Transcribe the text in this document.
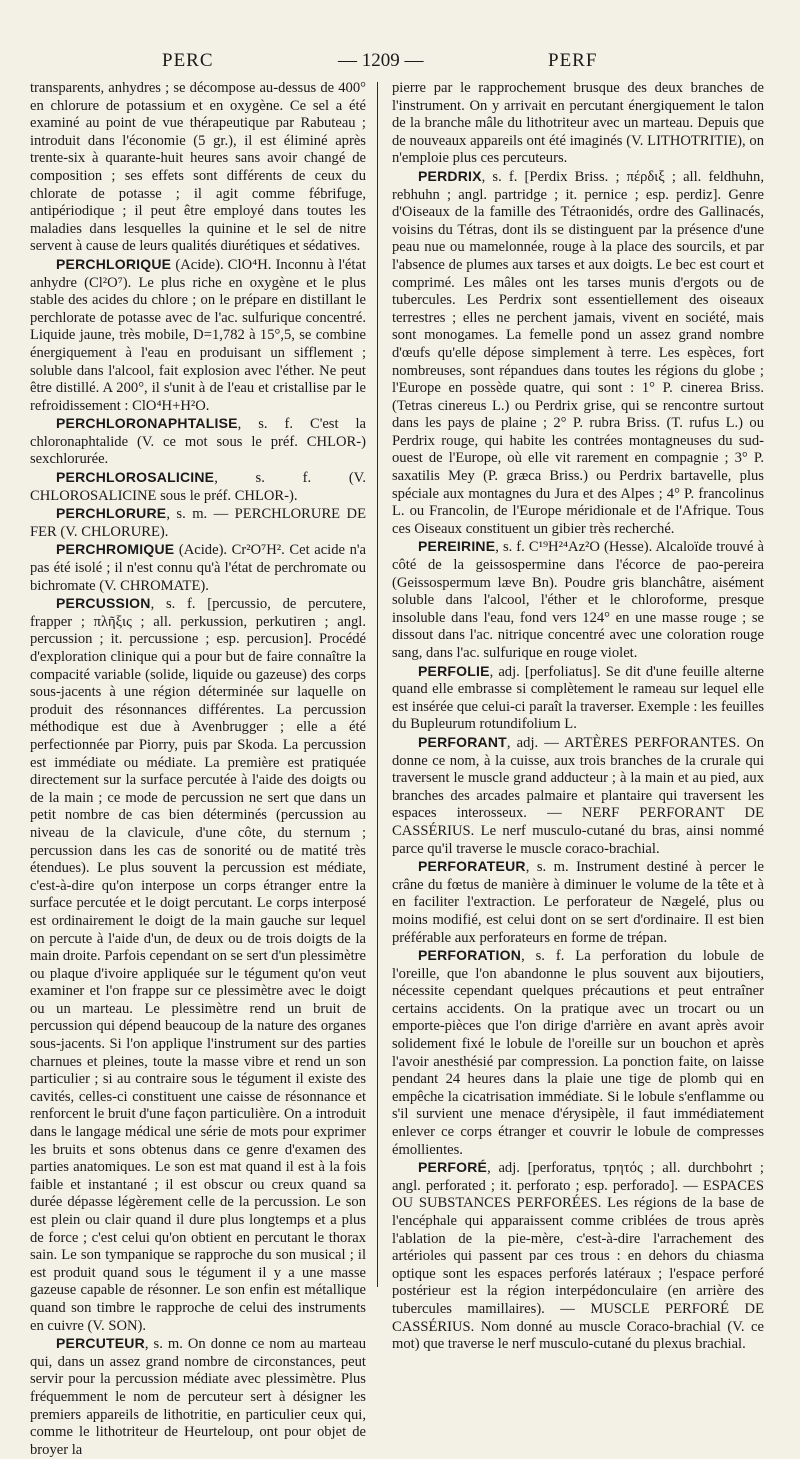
PERC	— 1209 —	PERF

transparents, anhydres ; se décompose au-dessus de 400° en chlorure de potassium et en oxygène. Ce sel a été examiné au point de vue thérapeutique par Rabuteau ; introduit dans l'économie (5 gr.), il est éliminé après trente-six à quarante-huit heures sans avoir changé de composition ; ses effets sont différents de ceux du chlorate de potasse ; il agit comme fébrifuge, antipériodique ; il peut être employé dans toutes les maladies dans lesquelles la quinine et le sel de nitre servent à cause de leurs qualités diurétiques et sédatives.

PERCHLORIQUE (Acide). ClO⁴H. Inconnu à l'état anhydre (Cl²O⁷). Le plus riche en oxygène et le plus stable des acides du chlore ; on le prépare en distillant le perchlorate de potasse avec de l'ac. sulfurique concentré. Liquide jaune, très mobile, D=1,782 à 15°,5, se combine énergiquement à l'eau en produisant un sifflement ; soluble dans l'alcool, fait explosion avec l'éther. Ne peut être distillé. A 200°, il s'unit à de l'eau et cristallise par le refroidissement : ClO⁴H+H²O.

PERCHLORONAPHTALISE, s. f. C'est la chloronaphtalide (V. ce mot sous le préf. CHLOR-) sexchlorurée.

PERCHLOROSALICINE, s. f. (V. CHLOROSALICINE sous le préf. CHLOR-).

PERCHLORURE, s. m. — PERCHLORURE DE FER (V. CHLORURE).

PERCHROMIQUE (Acide). Cr²O⁷H². Cet acide n'a pas été isolé ; il n'est connu qu'à l'état de perchromate ou bichromate (V. CHROMATE).

PERCUSSION, s. f. [percussio, de percutere, frapper ; πλῆξις ; all. perkussion, perkutiren ; angl. percussion ; it. percussione ; esp. percusion]. Procédé d'exploration clinique qui a pour but de faire connaître la compacité variable (solide, liquide ou gazeuse) des corps sous-jacents à une région déterminée sur laquelle on produit des résonnances différentes. La percussion méthodique est due à Avenbrugger ; elle a été perfectionnée par Piorry, puis par Skoda. La percussion est immédiate ou médiate. La première est pratiquée directement sur la surface percutée à l'aide des doigts ou de la main ; ce mode de percussion ne sert que dans un petit nombre de cas bien déterminés (percussion au niveau de la clavicule, d'une côte, du sternum ; percussion dans les cas de sonorité ou de matité très étendues). Le plus souvent la percussion est médiate, c'est-à-dire qu'on interpose un corps étranger entre la surface percutée et le doigt percutant. Le corps interposé est ordinairement le doigt de la main gauche sur lequel on percute à l'aide d'un, de deux ou de trois doigts de la main droite. Parfois cependant on se sert d'un plessimètre ou plaque d'ivoire appliquée sur le tégument qu'on veut examiner et l'on frappe sur ce plessimètre avec le doigt ou un marteau. Le plessimètre rend un bruit de percussion qui dépend beaucoup de la nature des organes sous-jacents. Si l'on applique l'instrument sur des parties charnues et pleines, toute la masse vibre et rend un son particulier ; si au contraire sous le tégument il existe des cavités, celles-ci constituent une caisse de résonnance et renforcent le bruit d'une façon particulière. On a introduit dans le langage médical une série de mots pour exprimer les bruits et sons obtenus dans ce genre d'examen des parties anatomiques. Le son est mat quand il est à la fois faible et instantané ; il est obscur ou creux quand sa durée dépasse légèrement celle de la percussion. Le son est plein ou clair quand il dure plus longtemps et a plus de force ; c'est celui qu'on obtient en percutant le thorax sain. Le son tympanique se rapproche du son musical ; il est produit quand sous le tégument il y a une masse gazeuse capable de résonner. Le son enfin est métallique quand son timbre le rapproche de celui des instruments en cuivre (V. SON).

PERCUTEUR, s. m. On donne ce nom au marteau qui, dans un assez grand nombre de circonstances, peut servir pour la percussion médiate avec plessimètre. Plus fréquemment le nom de percuteur sert à désigner les premiers appareils de lithotritie, en particulier ceux qui, comme le lithotriteur de Heurteloup, ont pour objet de broyer la

pierre par le rapprochement brusque des deux branches de l'instrument. On y arrivait en percutant énergiquement le talon de la branche mâle du lithotriteur avec un marteau. Depuis que de nouveaux appareils ont été imaginés (V. LITHOTRITIE), on n'emploie plus ces percuteurs.

PERDRIX, s. f. [Perdix Briss. ; πέρδιξ ; all. feldhuhn, rebhuhn ; angl. partridge ; it. pernice ; esp. perdiz]. Genre d'Oiseaux de la famille des Tétraonidés, ordre des Gallinacés, voisins du Tétras, dont ils se distinguent par la présence d'une peau nue ou mamelonnée, rouge à la place des sourcils, et par l'absence de plumes aux tarses et aux doigts. Le bec est court et comprimé. Les mâles ont les tarses munis d'ergots ou de tubercules. Les Perdrix sont essentiellement des oiseaux terrestres ; elles ne perchent jamais, vivent en société, mais sont monogames. La femelle pond un assez grand nombre d'œufs qu'elle dépose simplement à terre. Les espèces, fort nombreuses, sont répandues dans toutes les régions du globe ; l'Europe en possède quatre, qui sont : 1° P. cinerea Briss. (Tetras cinereus L.) ou Perdrix grise, qui se rencontre surtout dans les pays de plaine ; 2° P. rubra Briss. (T. rufus L.) ou Perdrix rouge, qui habite les contrées montagneuses du sud-ouest de l'Europe, où elle vit rarement en compagnie ; 3° P. saxatilis Mey (P. græca Briss.) ou Perdrix bartavelle, plus spéciale aux montagnes du Jura et des Alpes ; 4° P. francolinus L. ou Francolin, de l'Europe méridionale et de l'Afrique. Tous ces Oiseaux constituent un gibier très recherché.

PEREIRINE, s. f. C¹⁹H²⁴Az²O (Hesse). Alcaloïde trouvé à côté de la geissospermine dans l'écorce de pao-pereira (Geissospermum læve Bn). Poudre gris blanchâtre, aisément soluble dans l'alcool, l'éther et le chloroforme, presque insoluble dans l'eau, fond vers 124° en une masse rouge ; se dissout dans l'ac. nitrique concentré avec une coloration rouge sang, dans l'ac. sulfurique en rouge violet.

PERFOLIE, adj. [perfoliatus]. Se dit d'une feuille alterne quand elle embrasse si complètement le rameau sur lequel elle est insérée que celui-ci paraît la traverser. Exemple : les feuilles du Bupleurum rotundifolium L.

PERFORANT, adj. — ARTÈRES PERFORANTES. On donne ce nom, à la cuisse, aux trois branches de la crurale qui traversent le muscle grand adducteur ; à la main et au pied, aux branches des arcades palmaire et plantaire qui traversent les espaces interosseux. — NERF PERFORANT DE CASSÉRIUS. Le nerf musculo-cutané du bras, ainsi nommé parce qu'il traverse le muscle coraco-brachial.

PERFORATEUR, s. m. Instrument destiné à percer le crâne du fœtus de manière à diminuer le volume de la tête et à en faciliter l'extraction. Le perforateur de Nægelé, plus ou moins modifié, est celui dont on se sert d'ordinaire. Il est bien préférable aux perforateurs en forme de trépan.

PERFORATION, s. f. La perforation du lobule de l'oreille, que l'on abandonne le plus souvent aux bijoutiers, nécessite cependant quelques précautions et peut entraîner certains accidents. On la pratique avec un trocart ou un emporte-pièces que l'on dirige d'arrière en avant après avoir solidement fixé le lobule de l'oreille sur un bouchon et après l'avoir anesthésié par compression. La ponction faite, on laisse pendant 24 heures dans la plaie une tige de plomb qui en empêche la cicatrisation immédiate. Si le lobule s'enflamme ou s'il survient une menace d'érysipèle, il faut immédiatement enlever ce corps étranger et couvrir le lobule de compresses émollientes.

PERFORÉ, adj. [perforatus, τρητός ; all. durchbohrt ; angl. perforated ; it. perforato ; esp. perforado]. — ESPACES OU SUBSTANCES PERFORÉES. Les régions de la base de l'encéphale qui apparaissent comme criblées de trous après l'ablation de la pie-mère, c'est-à-dire l'arrachement des artérioles qui passent par ces trous : en dehors du chiasma optique sont les espaces perforés latéraux ; l'espace perforé postérieur est la région interpédonculaire (en arrière des tubercules mamillaires). — MUSCLE PERFORÉ DE CASSÉRIUS. Nom donné au muscle Coraco-brachial (V. ce mot) que traverse le nerf musculo-cutané du plexus brachial.
